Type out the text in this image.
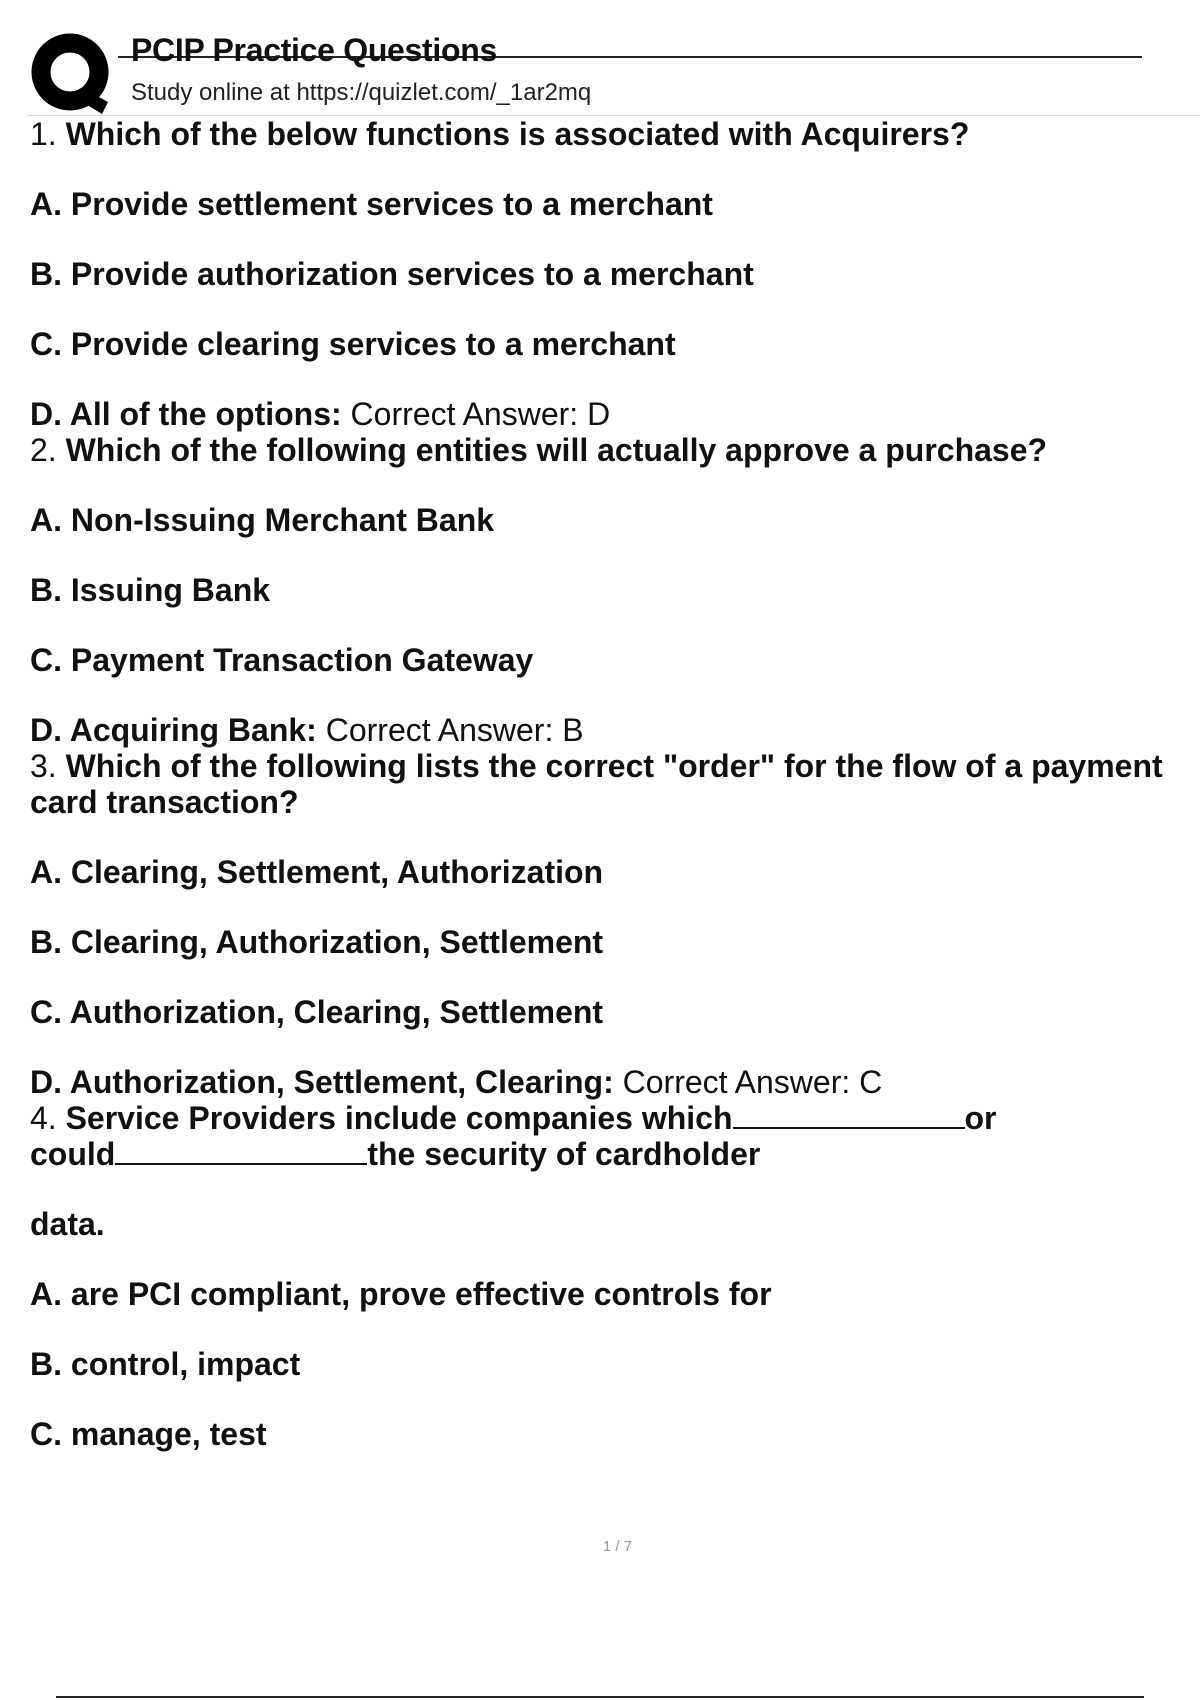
PCIP Practice Questions
Study online at https://quizlet.com/_1ar2mq

1. Which of the below functions is associated with Acquirers?

A. Provide settlement services to a merchant

B. Provide authorization services to a merchant

C. Provide clearing services to a merchant

D. All of the options: Correct Answer: D

2. Which of the following entities will actually approve a purchase?

A. Non-Issuing Merchant Bank

B. Issuing Bank

C. Payment Transaction Gateway

D. Acquiring Bank: Correct Answer: B

3. Which of the following lists the correct "order" for the flow of a payment

card transaction?

A. Clearing, Settlement, Authorization

B. Clearing, Authorization, Settlement

C. Authorization, Clearing, Settlement

D. Authorization, Settlement, Clearing: Correct Answer: C

4. Service Providers include companies which	or

could	the security of cardholder

data.

A. are PCI compliant, prove effective controls for

B. control, impact

C. manage, test

1 / 7
